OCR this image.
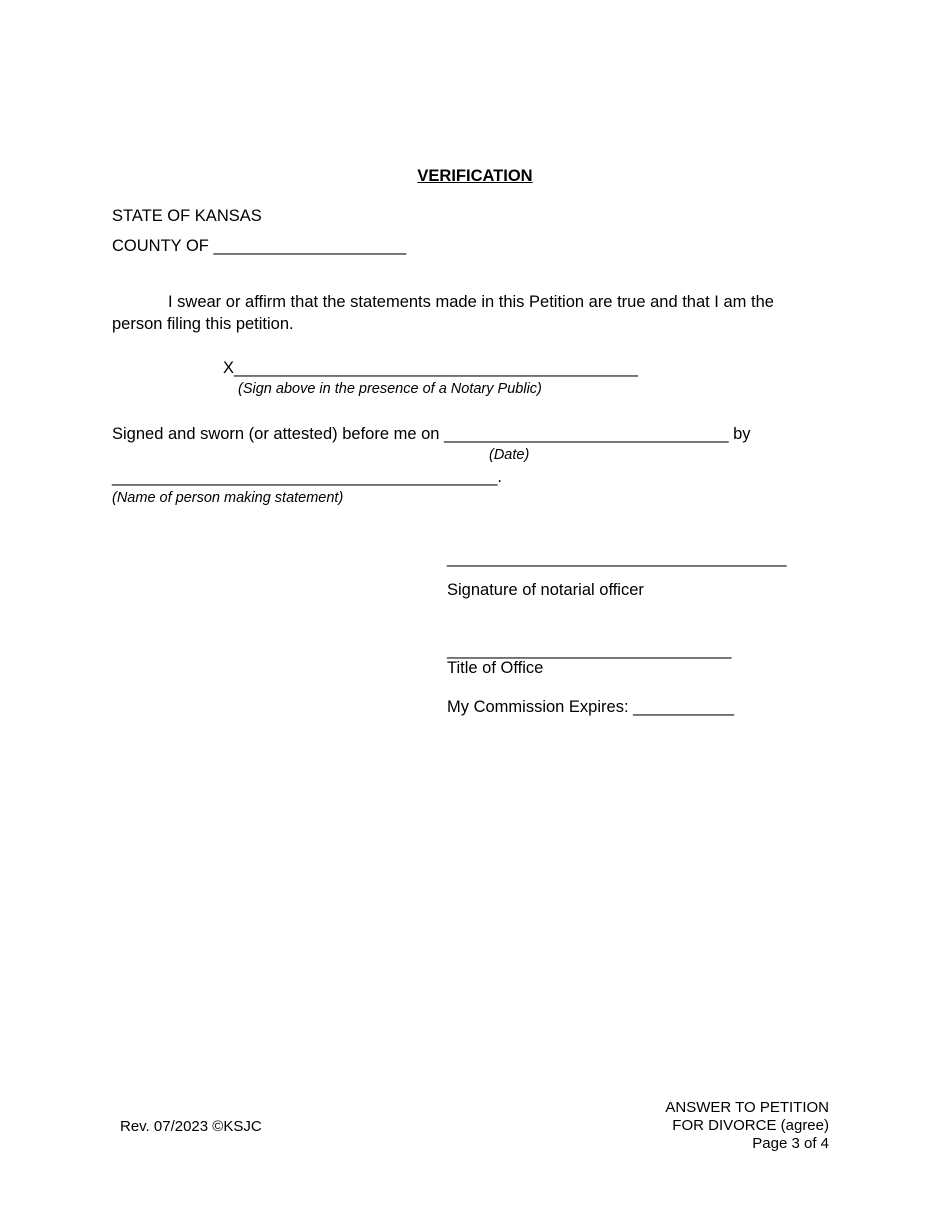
VERIFICATION
STATE OF KANSAS
COUNTY OF _____________________
I swear or affirm that the statements made in this Petition are true and that I am the person filing this petition.
X____________________________________________
(Sign above in the presence of a Notary Public)
Signed and sworn (or attested) before me on _______________________________ by
(Date)
__________________________________________.
(Name of person making statement)
_____________________________________
Signature of notarial officer
_______________________________
Title of Office
My Commission Expires: ___________
Rev. 07/2023 ©KSJC
ANSWER TO PETITION
FOR DIVORCE (agree)
Page 3 of 4
